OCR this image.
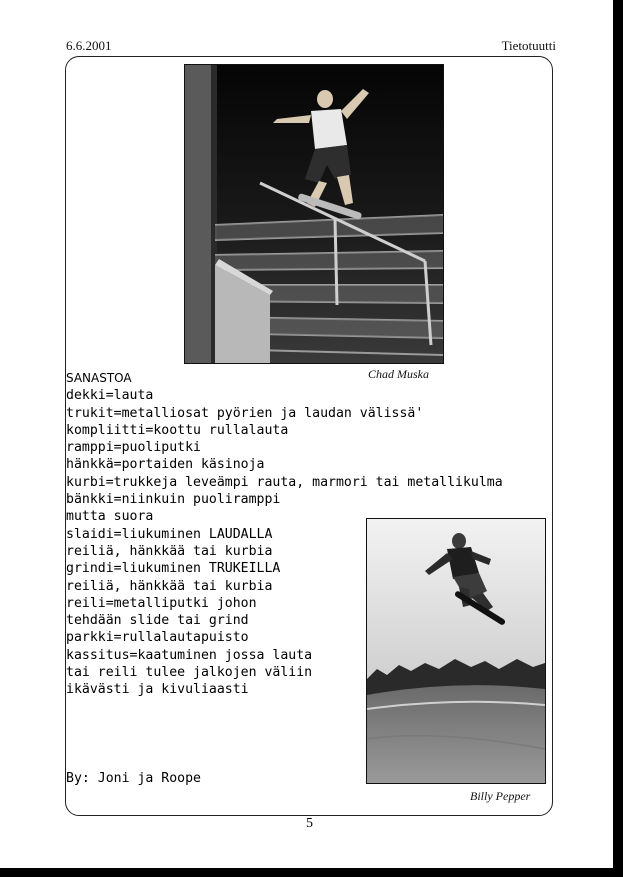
6.6.2001	Tietotuutti
Chad Muska
Billy Pepper
SANASTOA
dekki=lauta
trukit=metalliosat pyörien ja laudan välissä'
kompliitti=koottu rullalauta
ramppi=puoliputki
hänkkä=portaiden käsinoja
kurbi=trukkeja leveämpi rauta, marmori tai metallikulma
bänkki=niinkuin puoliramppi
mutta suora
slaidi=liukuminen LAUDALLA
reiliä, hänkkää tai kurbia
grindi=liukuminen TRUKEILLA
reiliä, hänkkää tai kurbia
reili=metalliputki johon
tehdään slide tai grind
parkki=rullalautapuisto
kassitus=kaatuminen jossa lauta
tai reili tulee jalkojen väliin
ikävästi ja kivuliaasti
By: Joni ja Roope
5
